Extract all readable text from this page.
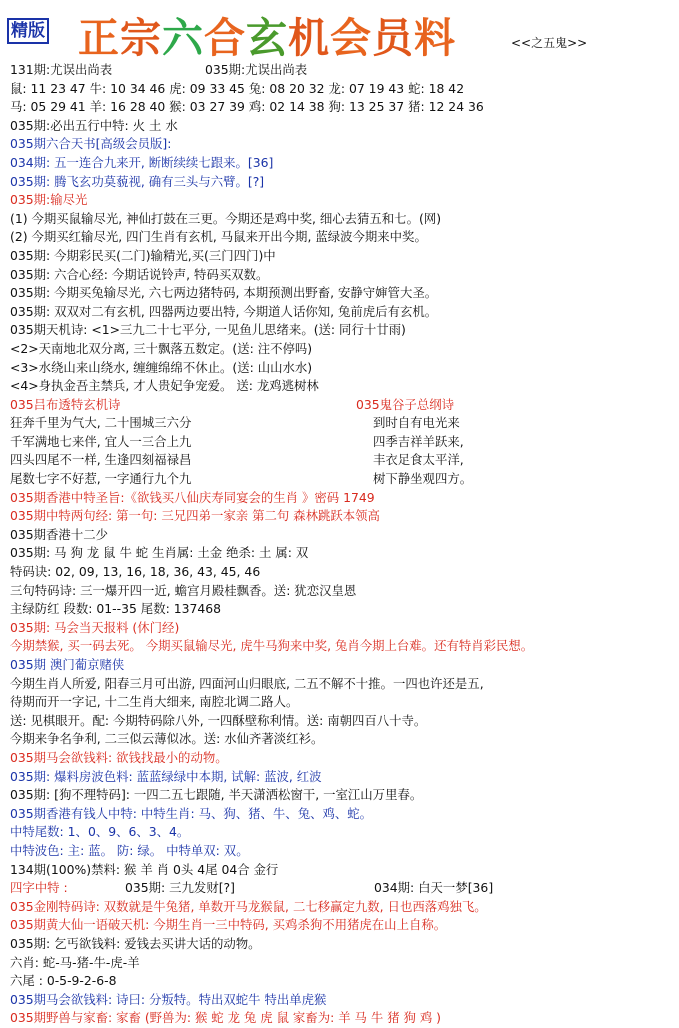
精版 正宗六合玄机会员料	<<之五鬼>>
131期:尤误出尚表	035期:尤误出尚表
鼠: 11 23 47 牛: 10 34 46 虎: 09 33 45 兔: 08 20 32 龙: 07 19 43 蛇: 18 42
马: 05 29 41 羊: 16 28 40 猴: 03 27 39 鸡: 02 14 38 狗: 13 25 37 猪: 12 24 36
035期:必出五行中特: 火 土 水
035期六合天书[高级会员版]:
034期: 五一连合九来开, 断断续续七跟来。[36]
035期: 腾飞玄功莫藐视, 确有三头与六臂。[?]
035期:输尽光
(1) 今期买鼠输尽光, 神仙打鼓在三更。今期还是鸡中奖, 细心去猜五和七。(网)
(2) 今期买红输尽光, 四门生肖有玄机, 马鼠来开出今期, 蓝绿波今期来中奖。
035期: 今期彩民买(二门)输精光,买(三门四门)中
035期: 六合心经: 今期话说铃声, 特码买双数。
035期: 今期买兔输尽光, 六七两边猪特码, 本期预测出野畜, 安静守婶管大圣。
035期: 双双对二有玄机, 四器两边要出特, 今期道人话你知, 兔前虎后有玄机。
035期天机诗: <1>三九二十七平分, 一见鱼儿思绪来。(送: 同行十廿雨)
<2>天南地北双分离, 三十飘落五数定。(送: 注不停吗)
<3>水绕山来山绕水, 缠缠绵绵不休止。(送: 山山水水)
<4>身执金吾主禁兵, 才人贵妃争宠爱。 送: 龙鸡逃树林
035吕布透特玄机诗	035鬼谷子总纲诗
狂奔千里为气大, 二十围城三六分	到时自有电光来
千军满地七来伴, 宜人一三合上九	四季吉祥羊跃来,
四头四尾不一样, 生逢四刻福禄昌	丰衣足食太平洋,
尾数七字不好惹, 一字通行九个九	树下静坐观四方。
035期香港中特圣旨:《欲钱买八仙庆寿同宴会的生肖 》密码 1749
035期中特两句经: 第一句: 三兄四弟一家亲 第二句 森林跳跃本领高
035期香港十二少
035期: 马 狗 龙 鼠 牛 蛇 生肖属: 土金 绝杀: 土 属: 双
特码诀: 02, 09, 13, 16, 18, 36, 43, 45, 46
三句特码诗: 三一爆开四一近, 蟾宫月殿桂飘香。送: 犹恋汉皇恩
主绿防红 段数: 01--35 尾数: 137468
035期: 马会当天报料 (休门经)
今期禁猴, 买一码去死。 今期买鼠输尽光, 虎牛马狗来中奖, 兔肖今期上台难。还有特肖彩民想。
035期 澳门葡京赌侠
今期生肖人所爱, 阳春三月可出游, 四面河山归眼底, 二五不解不十推。一四也许还是五,
待期而开一字记, 十二生肖大细来, 南腔北调二路人。
送: 见棋眼开。配: 今期特码除八外, 一四酥壁称利情。送: 南朝四百八十寺。
今期来争名争利, 二三似云薄似冰。送: 水仙齐著淡红衫。
035期马会欲钱料: 欲钱找最小的动物。
035期: 爆料房波色料: 蓝蓝绿绿中本期, 试解: 蓝波, 红波
035期: [狗不理特码]: 一四二五七跟随, 半天潇洒松窗干, 一室江山万里春。
035期香港有钱人中特: 中特生肖: 马、狗、猪、牛、兔、鸡、蛇。
中特尾数: 1、0、9、6、3、4。
中特波色: 主: 蓝。 防: 绿。 中特单双: 双。
134期(100%)禁料: 猴 羊 肖 0头 4尾 04合 金行
四字中特 :	035期: 三九发财[?]	034期: 白天一梦[36]
035金刚特码诗: 双数就是牛兔猪, 单数开马龙猴鼠, 二七移赢定九数, 日也西落鸡独飞。
035期黄大仙一语破天机: 今期生肖一三中特码, 买鸡杀狗不用猪虎在山上自称。
035期: 乞丐欲钱料: 爱钱去买讲大话的动物。
六肖: 蛇-马-猪-牛-虎-羊
六尾 : 0-5-9-2-6-8
035期马会欲钱料: 诗曰: 分叛特。特出双蛇牛 特出单虎猴
035期野兽与家畜: 家畜 (野兽为: 猴 蛇 龙 兔 虎 鼠 家畜为: 羊 马 牛 猪 狗 鸡 )
